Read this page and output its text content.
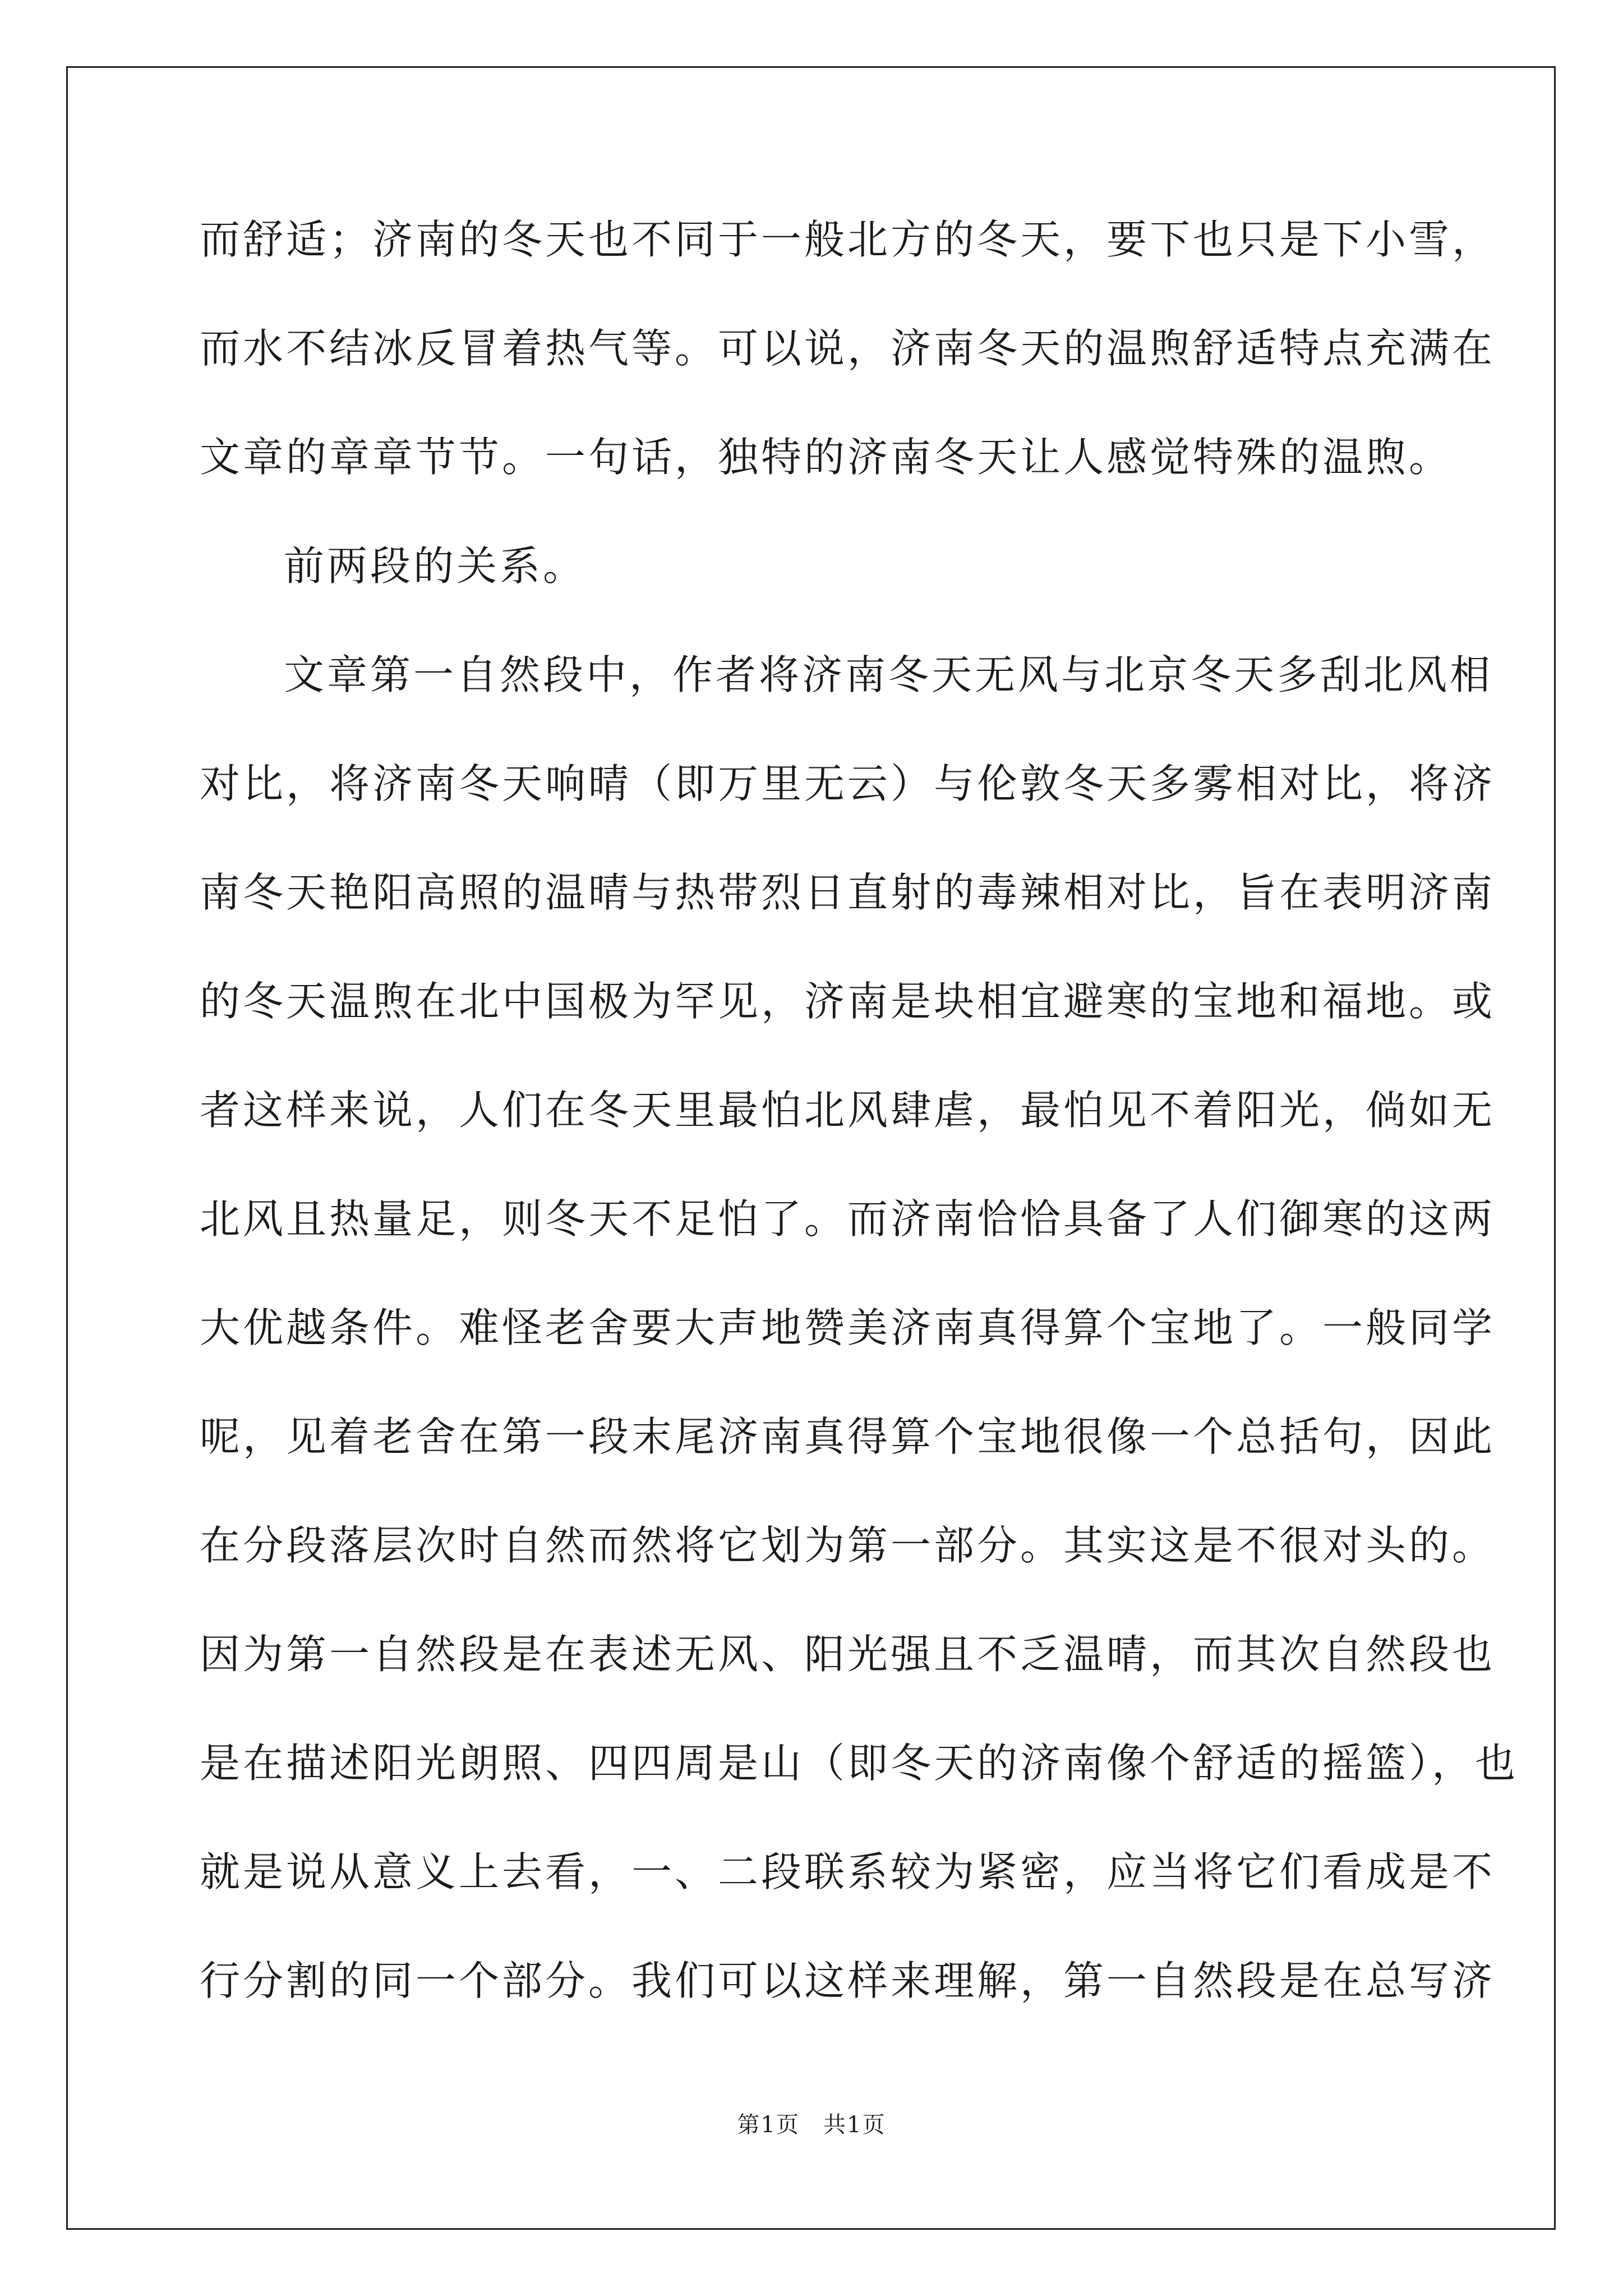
而舒适；济南的冬天也不同于一般北方的冬天，要下也只是下小雪，
而水不结冰反冒着热气等。可以说，济南冬天的温煦舒适特点充满在
文章的章章节节。一句话，独特的济南冬天让人感觉特殊的温煦。
前两段的关系。
文章第一自然段中，作者将济南冬天无风与北京冬天多刮北风相
对比，将济南冬天响晴（即万里无云）与伦敦冬天多雾相对比，将济
南冬天艳阳高照的温晴与热带烈日直射的毒辣相对比，旨在表明济南
的冬天温煦在北中国极为罕见，济南是块相宜避寒的宝地和福地。或
者这样来说，人们在冬天里最怕北风肆虐，最怕见不着阳光，倘如无
北风且热量足，则冬天不足怕了。而济南恰恰具备了人们御寒的这两
大优越条件。难怪老舍要大声地赞美济南真得算个宝地了。一般同学
呢，见着老舍在第一段末尾济南真得算个宝地很像一个总括句，因此
在分段落层次时自然而然将它划为第一部分。其实这是不很对头的。
因为第一自然段是在表述无风、阳光强且不乏温晴，而其次自然段也
是在描述阳光朗照、四四周是山（即冬天的济南像个舒适的摇篮），也
就是说从意义上去看，一、二段联系较为紧密，应当将它们看成是不
行分割的同一个部分。我们可以这样来理解，第一自然段是在总写济
第1页 共1页
